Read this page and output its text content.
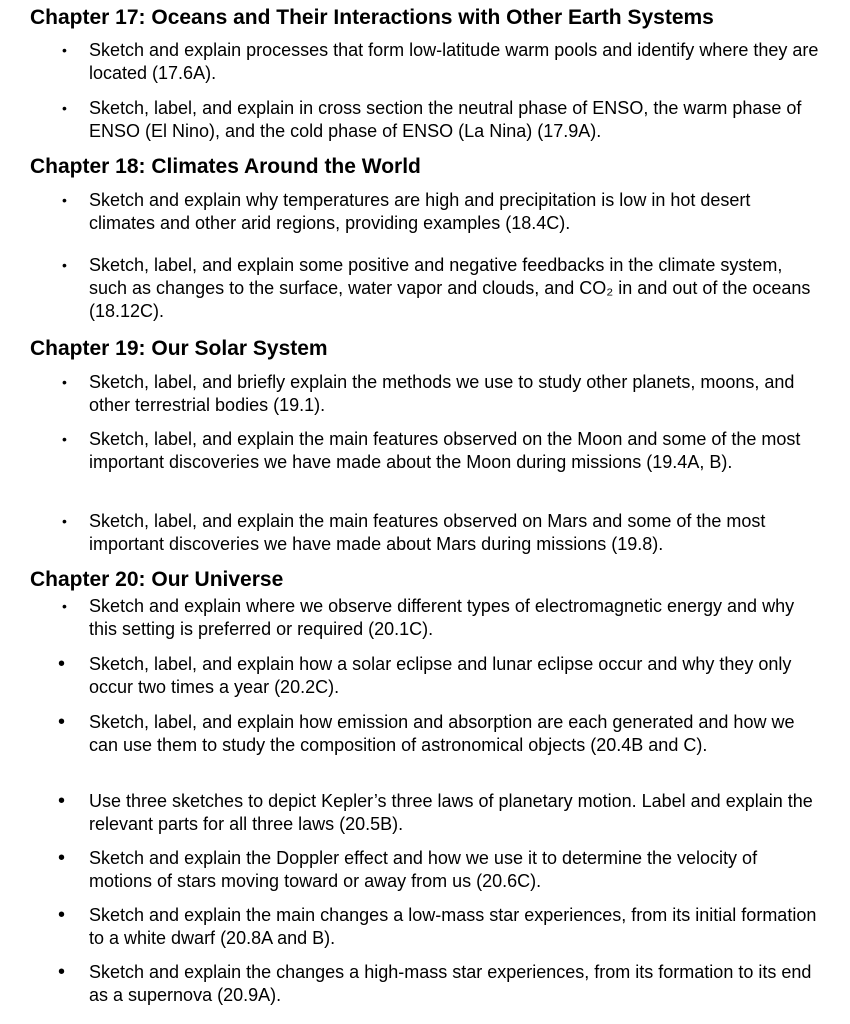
Chapter 17: Oceans and Their Interactions with Other Earth Systems
• Sketch and explain processes that form low-latitude warm pools and identify where they are located (17.6A).
• Sketch, label, and explain in cross section the neutral phase of ENSO, the warm phase of ENSO (El Nino), and the cold phase of ENSO (La Nina) (17.9A).
Chapter 18: Climates Around the World
• Sketch and explain why temperatures are high and precipitation is low in hot desert climates and other arid regions, providing examples (18.4C).
• Sketch, label, and explain some positive and negative feedbacks in the climate system, such as changes to the surface, water vapor and clouds, and CO₂ in and out of the oceans (18.12C).
Chapter 19: Our Solar System
• Sketch, label, and briefly explain the methods we use to study other planets, moons, and other terrestrial bodies (19.1).
• Sketch, label, and explain the main features observed on the Moon and some of the most important discoveries we have made about the Moon during missions (19.4A, B).
• Sketch, label, and explain the main features observed on Mars and some of the most important discoveries we have made about Mars during missions (19.8).
Chapter 20: Our Universe
• Sketch and explain where we observe different types of electromagnetic energy and why this setting is preferred or required (20.1C).
• Sketch, label, and explain how a solar eclipse and lunar eclipse occur and why they only occur two times a year (20.2C).
• Sketch, label, and explain how emission and absorption are each generated and how we can use them to study the composition of astronomical objects (20.4B and C).
• Use three sketches to depict Kepler’s three laws of planetary motion. Label and explain the relevant parts for all three laws (20.5B).
• Sketch and explain the Doppler effect and how we use it to determine the velocity of motions of stars moving toward or away from us (20.6C).
• Sketch and explain the main changes a low-mass star experiences, from its initial formation to a white dwarf (20.8A and B).
• Sketch and explain the changes a high-mass star experiences, from its formation to its end as a supernova (20.9A).
